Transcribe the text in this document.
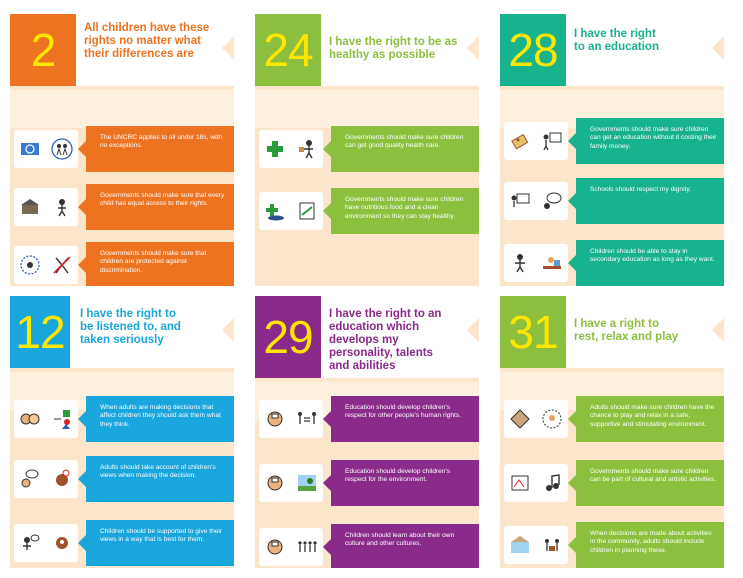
2	All children have these rights no matter what their differences are
The UNCRC applies to all under 18s, with no exceptions.
Governments should make sure that every child has equal access to their rights.
Governments should make sure that children are protected against discrimination.
24	I have the right to be as healthy as possible
Governments should make sure children can get good quality health care.
Governments should make sure children have nutritious food and a clean environment so they can stay healthy.
28	I have the right to an education
Governments should make sure children can get an education without it costing their family money.
Schools should respect my dignity.
Children should be able to stay in secondary education as long as they want.
12	I have the right to be listened to, and taken seriously
When adults are making decisions that affect children they should ask them what they think.
Adults should take account of children's views when making the decision.
Children should be supported to give their views in a way that is best for them.
29	I have the right to an education which develops my personality, talents and abilities
Education should develop children's respect for other people's human rights.
Education should develop children's respect for the environment.
Children should learn about their own culture and other cultures.
31	I have a right to rest, relax and play
Adults should make sure children have the chance to play and relax in a safe, supportive and stimulating environment.
Governments should make sure children can be part of cultural and artistic activities.
When decisions are made about activities in the community, adults should include children in planning these.
